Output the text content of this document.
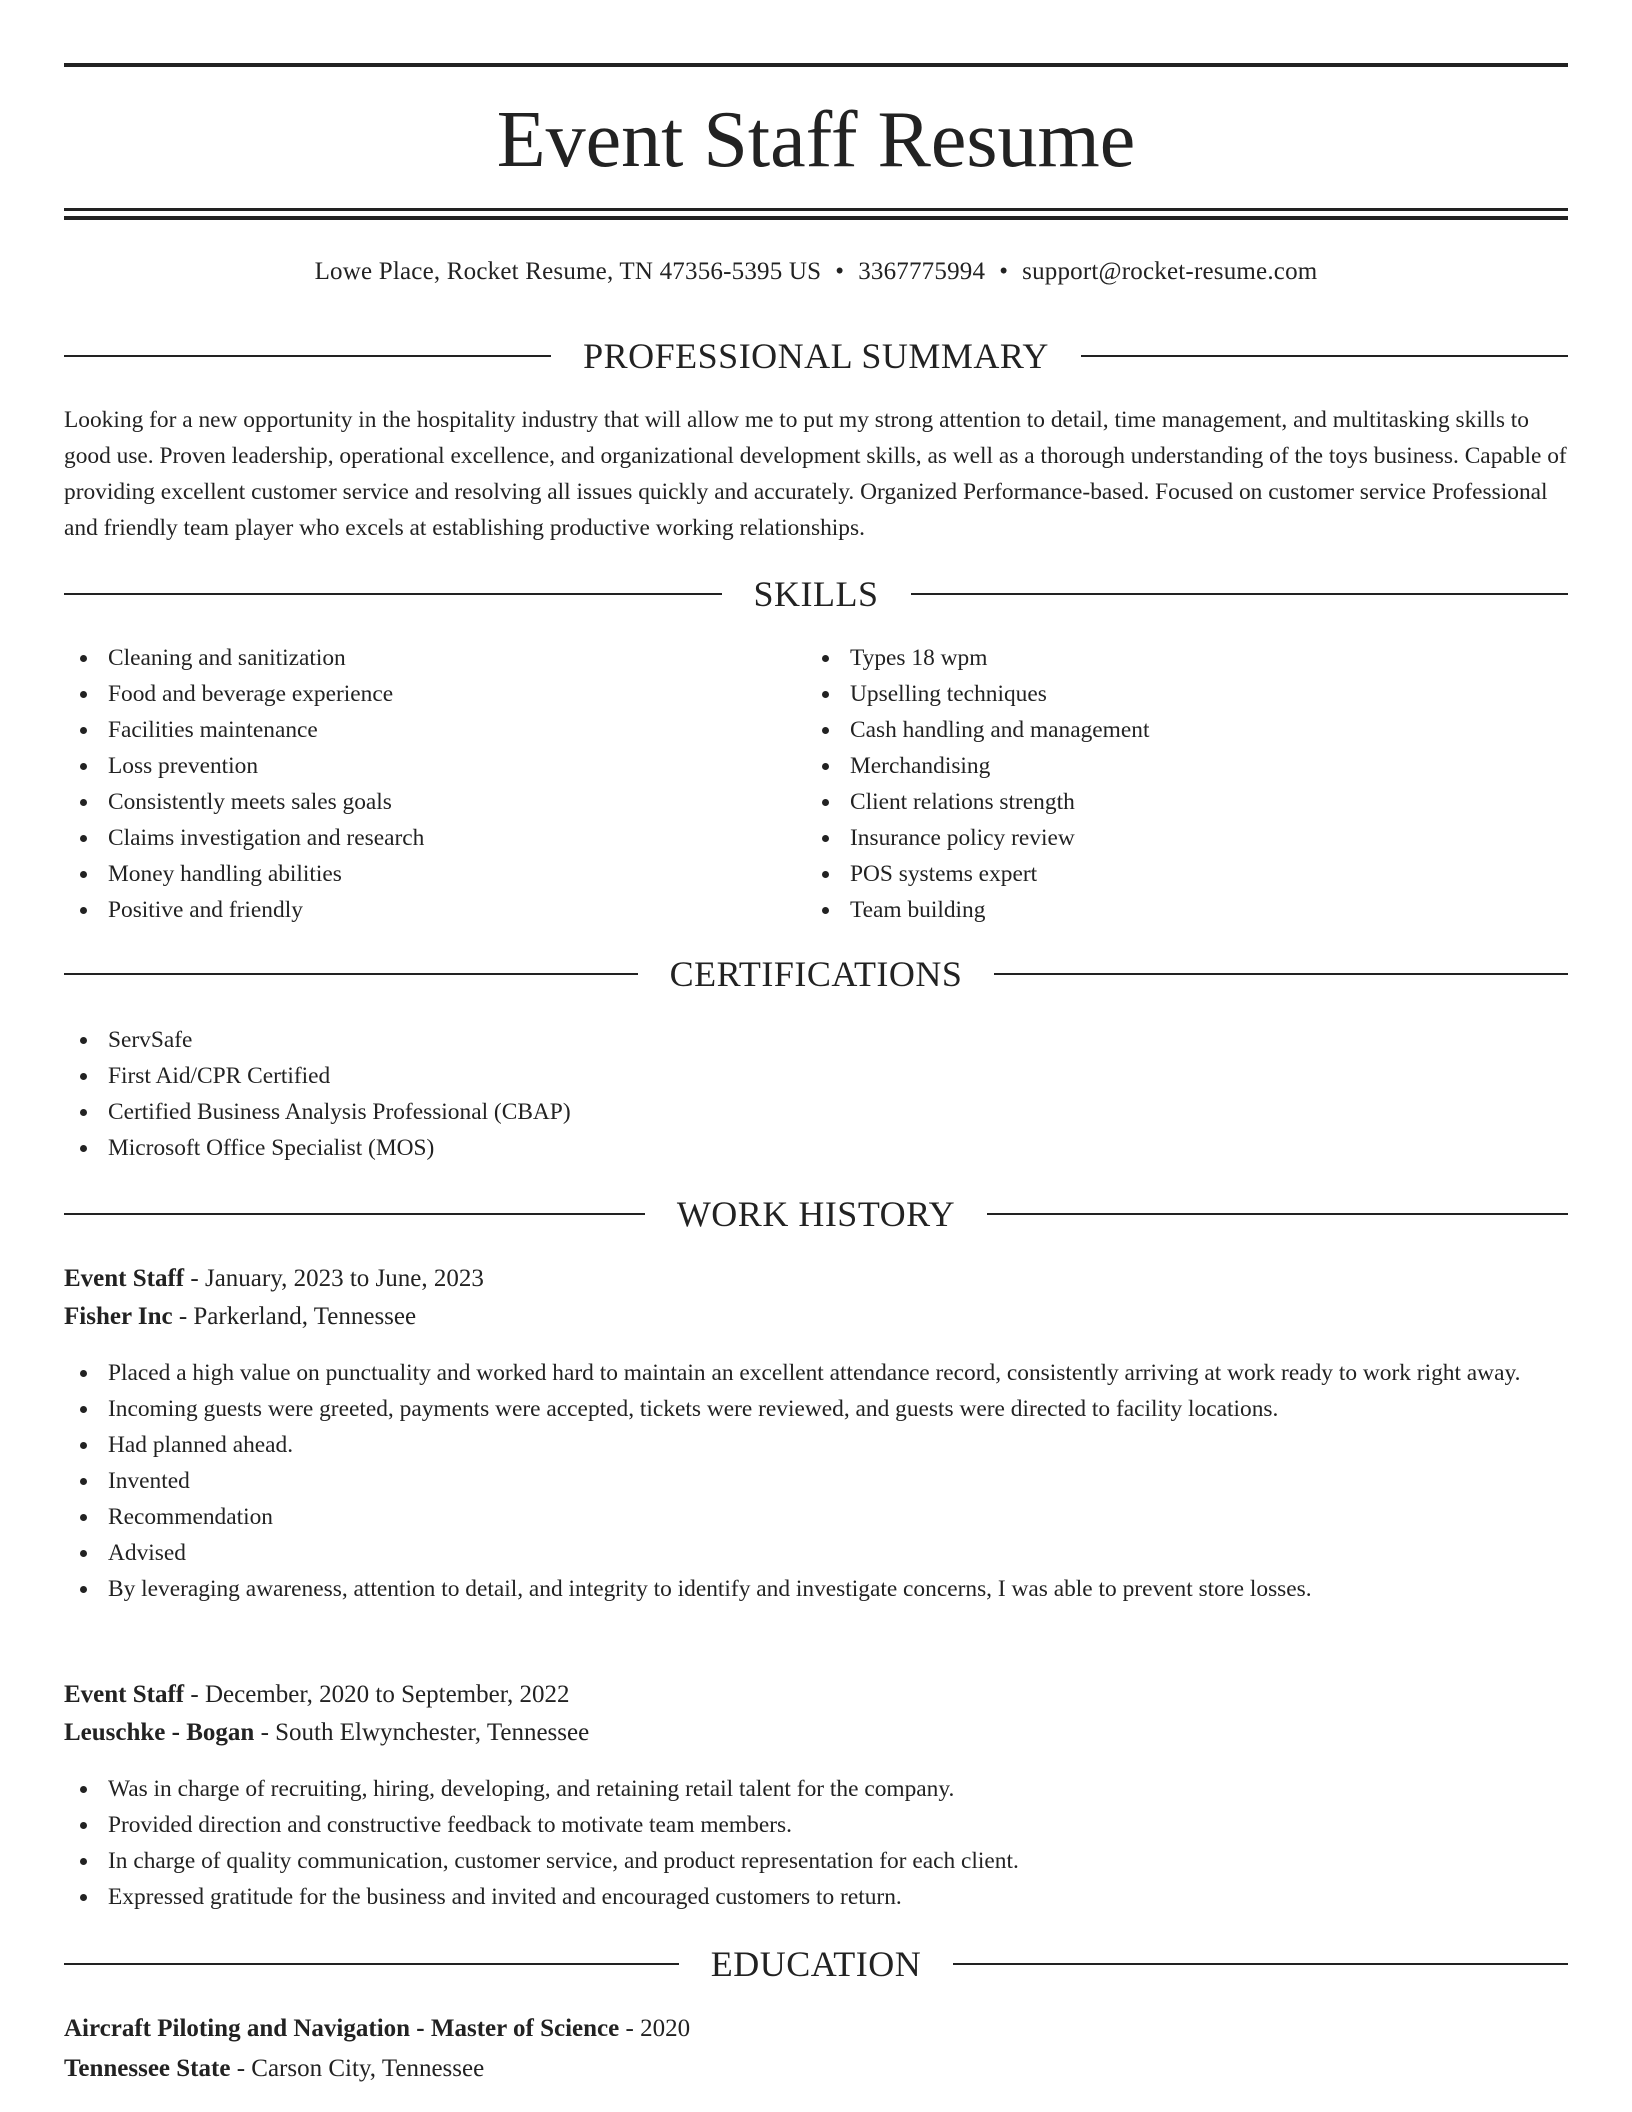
Event Staff Resume
Lowe Place, Rocket Resume, TN 47356-5395 US • 3367775994 • support@rocket-resume.com
PROFESSIONAL SUMMARY

Looking for a new opportunity in the hospitality industry that will allow me to put my strong attention to detail, time management, and multitasking skills to good use. Proven leadership, operational excellence, and organizational development skills, as well as a thorough understanding of the toys business. Capable of providing excellent customer service and resolving all issues quickly and accurately. Organized Performance-based. Focused on customer service Professional and friendly team player who excels at establishing productive working relationships.

SKILLS
Cleaning and sanitization
Food and beverage experience
Facilities maintenance
Loss prevention
Consistently meets sales goals
Claims investigation and research
Money handling abilities
Positive and friendly
Types 18 wpm
Upselling techniques
Cash handling and management
Merchandising
Client relations strength
Insurance policy review
POS systems expert
Team building
CERTIFICATIONS
ServSafe
First Aid/CPR Certified
Certified Business Analysis Professional (CBAP)
Microsoft Office Specialist (MOS)
WORK HISTORY
Event Staff - January, 2023 to June, 2023
Fisher Inc - Parkerland, Tennessee
Placed a high value on punctuality and worked hard to maintain an excellent attendance record, consistently arriving at work ready to work right away.
Incoming guests were greeted, payments were accepted, tickets were reviewed, and guests were directed to facility locations.
Had planned ahead.
Invented
Recommendation
Advised
By leveraging awareness, attention to detail, and integrity to identify and investigate concerns, I was able to prevent store losses.
Event Staff - December, 2020 to September, 2022
Leuschke - Bogan - South Elwynchester, Tennessee
Was in charge of recruiting, hiring, developing, and retaining retail talent for the company.
Provided direction and constructive feedback to motivate team members.
In charge of quality communication, customer service, and product representation for each client.
Expressed gratitude for the business and invited and encouraged customers to return.
EDUCATION
Aircraft Piloting and Navigation - Master of Science - 2020
Tennessee State - Carson City, Tennessee
